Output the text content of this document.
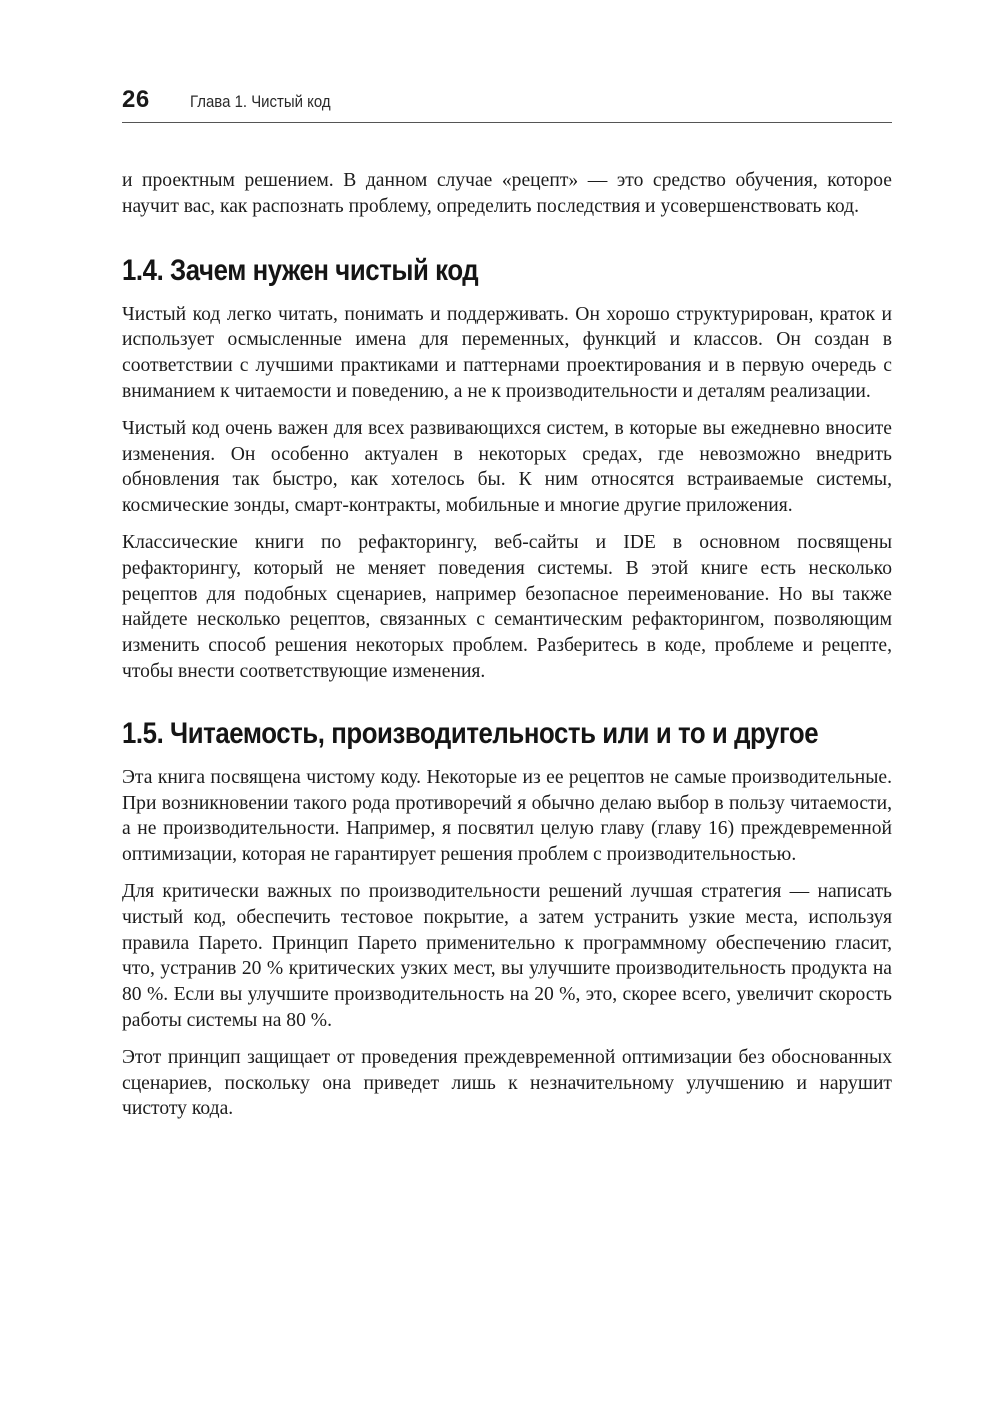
26 Глава 1. Чистый код

и проектным решением. В данном случае «рецепт» — это средство обучения, которое научит вас, как распознать проблему, определить последствия и усовершенствовать код.

1.4. Зачем нужен чистый код

Чистый код легко читать, понимать и поддерживать. Он хорошо структурирован, краток и использует осмысленные имена для переменных, функций и классов. Он создан в соответствии с лучшими практиками и паттернами проектирования и в первую очередь с вниманием к читаемости и поведению, а не к производительности и деталям реализации.

Чистый код очень важен для всех развивающихся систем, в которые вы ежедневно вносите изменения. Он особенно актуален в некоторых средах, где невозможно внедрить обновления так быстро, как хотелось бы. К ним относятся встраиваемые системы, космические зонды, смарт-контракты, мобильные и многие другие приложения.

Классические книги по рефакторингу, веб-сайты и IDE в основном посвящены рефакторингу, который не меняет поведения системы. В этой книге есть несколько рецептов для подобных сценариев, например безопасное переименование. Но вы также найдете несколько рецептов, связанных с семантическим рефакторингом, позволяющим изменить способ решения некоторых проблем. Разберитесь в коде, проблеме и рецепте, чтобы внести соответствующие изменения.

1.5. Читаемость, производительность или и то и другое

Эта книга посвящена чистому коду. Некоторые из ее рецептов не самые производительные. При возникновении такого рода противоречий я обычно делаю выбор в пользу читаемости, а не производительности. Например, я посвятил целую главу (главу 16) преждевременной оптимизации, которая не гарантирует решения проблем с производительностью.

Для критически важных по производительности решений лучшая стратегия — написать чистый код, обеспечить тестовое покрытие, а затем устранить узкие места, используя правила Парето. Принцип Парето применительно к программному обеспечению гласит, что, устранив 20 % критических узких мест, вы улучшите производительность продукта на 80 %. Если вы улучшите производительность на 20 %, это, скорее всего, увеличит скорость работы системы на 80 %.

Этот принцип защищает от проведения преждевременной оптимизации без обоснованных сценариев, поскольку она приведет лишь к незначительному улучшению и нарушит чистоту кода.
